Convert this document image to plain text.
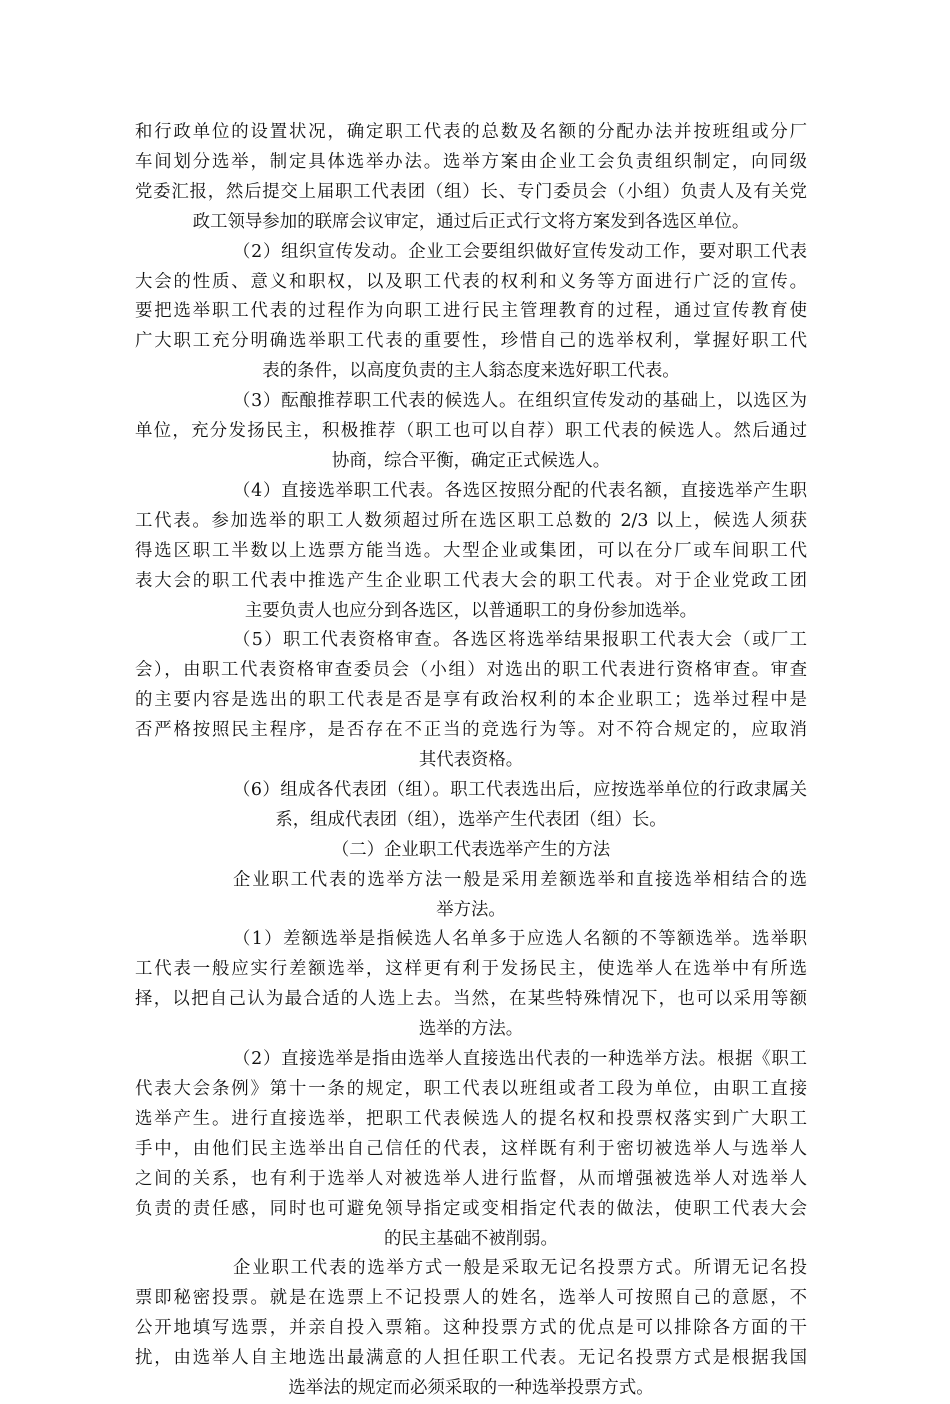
和行政单位的设置状况，确定职工代表的总数及名额的分配办法并按班组或分厂
车间划分选举，制定具体选举办法。选举方案由企业工会负责组织制定，向同级
党委汇报，然后提交上届职工代表团（组）长、专门委员会（小组）负责人及有关党
政工领导参加的联席会议审定，通过后正式行文将方案发到各选区单位。
（2）组织宣传发动。企业工会要组织做好宣传发动工作，要对职工代表
大会的性质、意义和职权，以及职工代表的权利和义务等方面进行广泛的宣传。
要把选举职工代表的过程作为向职工进行民主管理教育的过程，通过宣传教育使
广大职工充分明确选举职工代表的重要性，珍惜自己的选举权利，掌握好职工代
表的条件，以高度负责的主人翁态度来选好职工代表。
（3）酝酿推荐职工代表的候选人。在组织宣传发动的基础上，以选区为
单位，充分发扬民主，积极推荐（职工也可以自荐）职工代表的候选人。然后通过
协商，综合平衡，确定正式候选人。
（4）直接选举职工代表。各选区按照分配的代表名额，直接选举产生职
工代表。参加选举的职工人数须超过所在选区职工总数的 2/3 以上，候选人须获
得选区职工半数以上选票方能当选。大型企业或集团，可以在分厂或车间职工代
表大会的职工代表中推选产生企业职工代表大会的职工代表。对于企业党政工团
主要负责人也应分到各选区，以普通职工的身份参加选举。
（5）职工代表资格审查。各选区将选举结果报职工代表大会（或厂工
会），由职工代表资格审查委员会（小组）对选出的职工代表进行资格审查。审查
的主要内容是选出的职工代表是否是享有政治权利的本企业职工；选举过程中是
否严格按照民主程序，是否存在不正当的竞选行为等。对不符合规定的，应取消
其代表资格。
（6）组成各代表团（组）。职工代表选出后，应按选举单位的行政隶属关
系，组成代表团（组），选举产生代表团（组）长。
（二）企业职工代表选举产生的方法
企业职工代表的选举方法一般是采用差额选举和直接选举相结合的选
举方法。
（1）差额选举是指候选人名单多于应选人名额的不等额选举。选举职
工代表一般应实行差额选举，这样更有利于发扬民主，使选举人在选举中有所选
择，以把自己认为最合适的人选上去。当然，在某些特殊情况下，也可以采用等额
选举的方法。
（2）直接选举是指由选举人直接选出代表的一种选举方法。根据《职工
代表大会条例》第十一条的规定，职工代表以班组或者工段为单位，由职工直接
选举产生。进行直接选举，把职工代表候选人的提名权和投票权落实到广大职工
手中，由他们民主选举出自己信任的代表，这样既有利于密切被选举人与选举人
之间的关系，也有利于选举人对被选举人进行监督，从而增强被选举人对选举人
负责的责任感，同时也可避免领导指定或变相指定代表的做法，使职工代表大会
的民主基础不被削弱。
企业职工代表的选举方式一般是采取无记名投票方式。所谓无记名投
票即秘密投票。就是在选票上不记投票人的姓名，选举人可按照自己的意愿，不
公开地填写选票，并亲自投入票箱。这种投票方式的优点是可以排除各方面的干
扰，由选举人自主地选出最满意的人担任职工代表。无记名投票方式是根据我国
选举法的规定而必须采取的一种选举投票方式。
